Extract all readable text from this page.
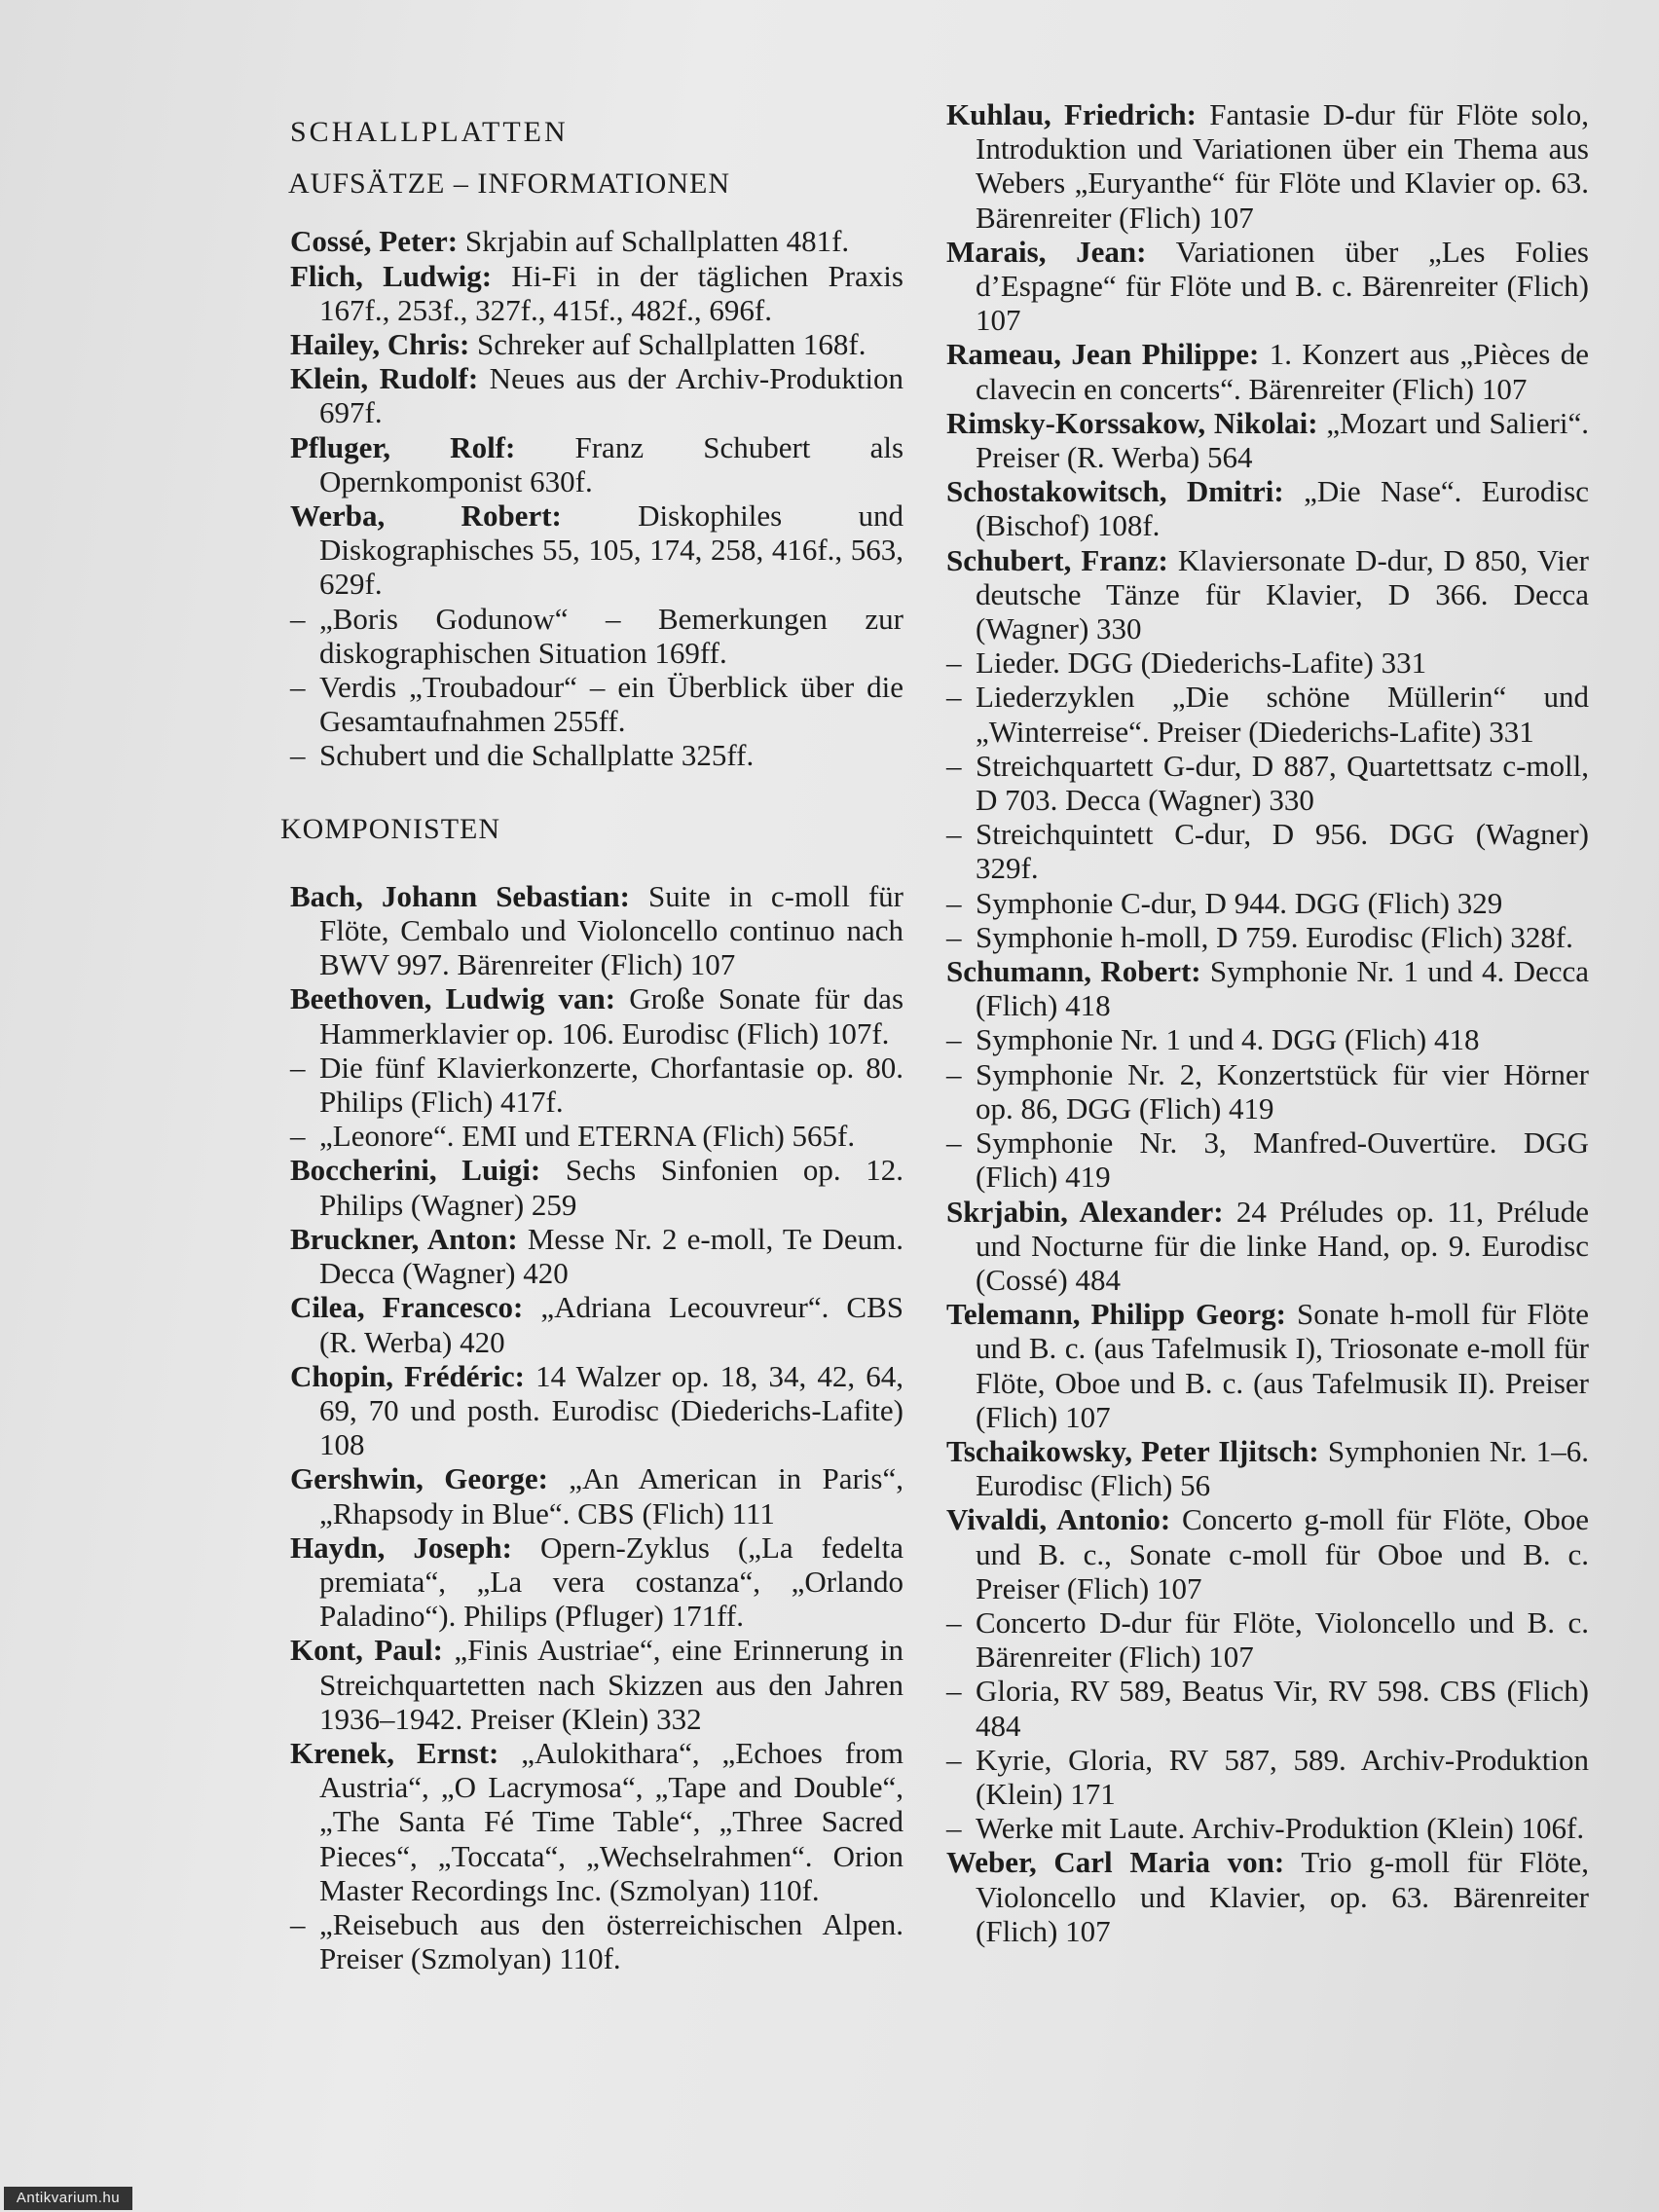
SCHALLPLATTEN
AUFSÄTZE – INFORMATIONEN
Cossé, Peter: Skrjabin auf Schallplatten 481f.
Flich, Ludwig: Hi-Fi in der täglichen Praxis 167f., 253f., 327f., 415f., 482f., 696f.
Hailey, Chris: Schreker auf Schallplatten 168f.
Klein, Rudolf: Neues aus der Archiv-Produktion 697f.
Pfluger, Rolf: Franz Schubert als Opernkomponist 630f.
Werba, Robert: Diskophiles und Diskographisches 55, 105, 174, 258, 416f., 563, 629f.
– „Boris Godunow“ – Bemerkungen zur diskographischen Situation 169ff.
– Verdis „Troubadour“ – ein Überblick über die Gesamtaufnahmen 255ff.
– Schubert und die Schallplatte 325ff.
KOMPONISTEN
Bach, Johann Sebastian: Suite in c-moll für Flöte, Cembalo und Violoncello continuo nach BWV 997. Bärenreiter (Flich) 107
Beethoven, Ludwig van: Große Sonate für das Hammerklavier op. 106. Eurodisc (Flich) 107f.
– Die fünf Klavierkonzerte, Chorfantasie op. 80. Philips (Flich) 417f.
– „Leonore“. EMI und ETERNA (Flich) 565f.
Boccherini, Luigi: Sechs Sinfonien op. 12. Philips (Wagner) 259
Bruckner, Anton: Messe Nr. 2 e-moll, Te Deum. Decca (Wagner) 420
Cilea, Francesco: „Adriana Lecouvreur“. CBS (R. Werba) 420
Chopin, Frédéric: 14 Walzer op. 18, 34, 42, 64, 69, 70 und posth. Eurodisc (Diederichs-Lafite) 108
Gershwin, George: „An American in Paris“, „Rhapsody in Blue“. CBS (Flich) 111
Haydn, Joseph: Opern-Zyklus („La fedelta premiata“, „La vera costanza“, „Orlando Paladino“). Philips (Pfluger) 171ff.
Kont, Paul: „Finis Austriae“, eine Erinnerung in Streichquartetten nach Skizzen aus den Jahren 1936–1942. Preiser (Klein) 332
Krenek, Ernst: „Aulokithara“, „Echoes from Austria“, „O Lacrymosa“, „Tape and Double“, „The Santa Fé Time Table“, „Three Sacred Pieces“, „Toccata“, „Wechselrahmen“. Orion Master Recordings Inc. (Szmolyan) 110f.
– „Reisebuch aus den österreichischen Alpen. Preiser (Szmolyan) 110f.
Kuhlau, Friedrich: Fantasie D-dur für Flöte solo, Introduktion und Variationen über ein Thema aus Webers „Euryanthe“ für Flöte und Klavier op. 63. Bärenreiter (Flich) 107
Marais, Jean: Variationen über „Les Folies d’Espagne“ für Flöte und B. c. Bärenreiter (Flich) 107
Rameau, Jean Philippe: 1. Konzert aus „Pièces de clavecin en concerts“. Bärenreiter (Flich) 107
Rimsky-Korssakow, Nikolai: „Mozart und Salieri“. Preiser (R. Werba) 564
Schostakowitsch, Dmitri: „Die Nase“. Eurodisc (Bischof) 108f.
Schubert, Franz: Klaviersonate D-dur, D 850, Vier deutsche Tänze für Klavier, D 366. Decca (Wagner) 330
– Lieder. DGG (Diederichs-Lafite) 331
– Liederzyklen „Die schöne Müllerin“ und „Winterreise“. Preiser (Diederichs-Lafite) 331
– Streichquartett G-dur, D 887, Quartettsatz c-moll, D 703. Decca (Wagner) 330
– Streichquintett C-dur, D 956. DGG (Wagner) 329f.
– Symphonie C-dur, D 944. DGG (Flich) 329
– Symphonie h-moll, D 759. Eurodisc (Flich) 328f.
Schumann, Robert: Symphonie Nr. 1 und 4. Decca (Flich) 418
– Symphonie Nr. 1 und 4. DGG (Flich) 418
– Symphonie Nr. 2, Konzertstück für vier Hörner op. 86, DGG (Flich) 419
– Symphonie Nr. 3, Manfred-Ouvertüre. DGG (Flich) 419
Skrjabin, Alexander: 24 Préludes op. 11, Prélude und Nocturne für die linke Hand, op. 9. Eurodisc (Cossé) 484
Telemann, Philipp Georg: Sonate h-moll für Flöte und B. c. (aus Tafelmusik I), Triosonate e-moll für Flöte, Oboe und B. c. (aus Tafelmusik II). Preiser (Flich) 107
Tschaikowsky, Peter Iljitsch: Symphonien Nr. 1–6. Eurodisc (Flich) 56
Vivaldi, Antonio: Concerto g-moll für Flöte, Oboe und B. c., Sonate c-moll für Oboe und B. c. Preiser (Flich) 107
– Concerto D-dur für Flöte, Violoncello und B. c. Bärenreiter (Flich) 107
– Gloria, RV 589, Beatus Vir, RV 598. CBS (Flich) 484
– Kyrie, Gloria, RV 587, 589. Archiv-Produktion (Klein) 171
– Werke mit Laute. Archiv-Produktion (Klein) 106f.
Weber, Carl Maria von: Trio g-moll für Flöte, Violoncello und Klavier, op. 63. Bärenreiter (Flich) 107
Antikvarium.hu
